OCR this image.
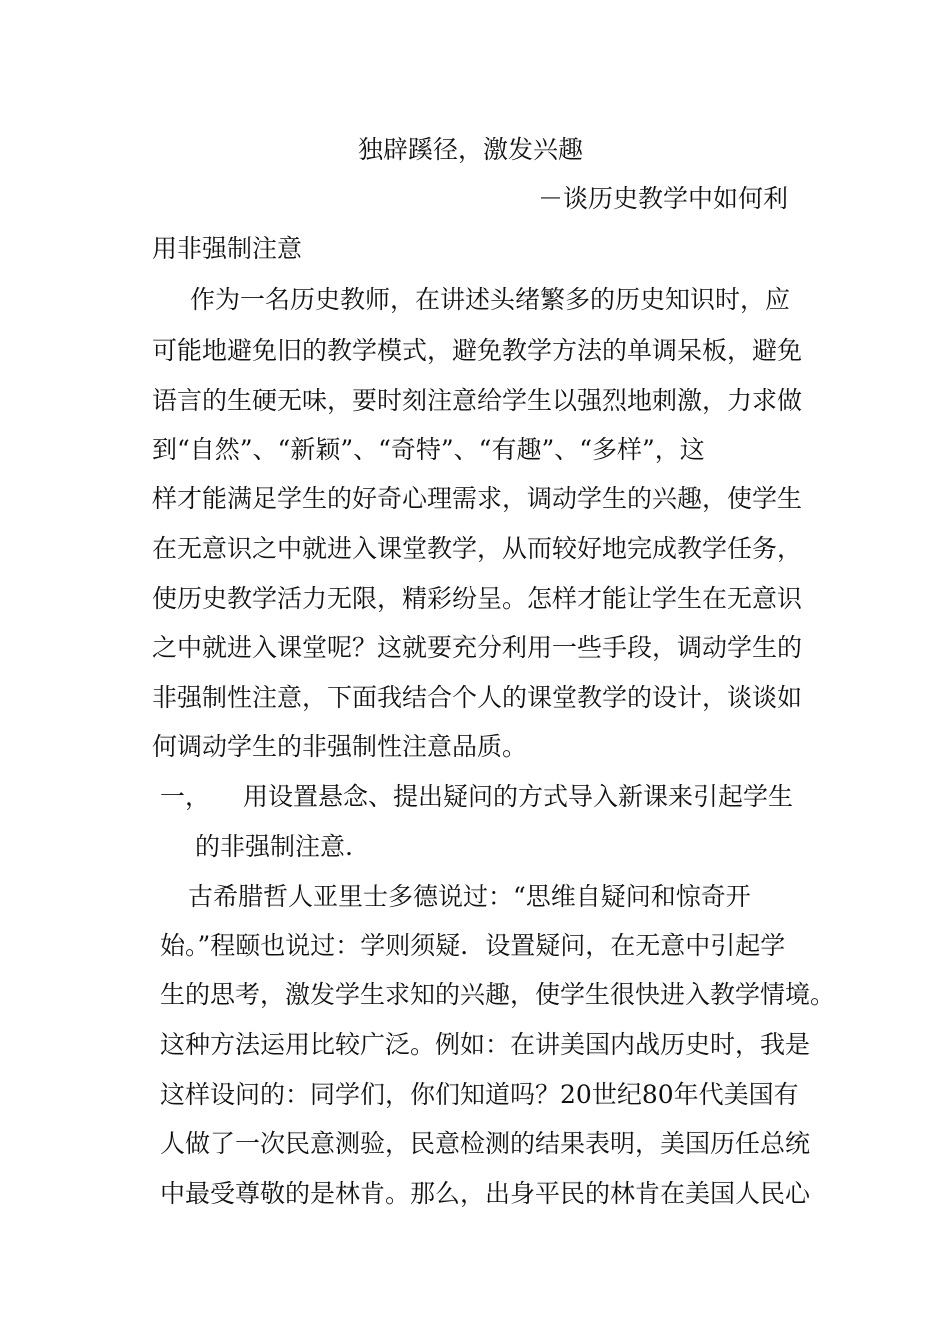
独辟蹊径，激发兴趣
－谈历史教学中如何利
用非强制注意
作为一名历史教师，在讲述头绪繁多的历史知识时，应
可能地避免旧的教学模式，避免教学方法的单调呆板，避免
语言的生硬无味，要时刻注意给学生以强烈地刺激，力求做
到“自然”、“新颖”、“奇特”、“有趣”、“多样”，这
样才能满足学生的好奇心理需求，调动学生的兴趣，使学生
在无意识之中就进入课堂教学，从而较好地完成教学任务，
使历史教学活力无限，精彩纷呈。怎样才能让学生在无意识
之中就进入课堂呢？这就要充分利用一些手段，调动学生的
非强制性注意，下面我结合个人的课堂教学的设计，谈谈如
何调动学生的非强制性注意品质。
一， 用设置悬念、提出疑问的方式导入新课来引起学生
的非强制注意.
古希腊哲人亚里士多德说过：“思维自疑问和惊奇开
始。”程颐也说过：学则须疑．设置疑问，在无意中引起学
生的思考，激发学生求知的兴趣，使学生很快进入教学情境。
这种方法运用比较广泛。例如：在讲美国内战历史时，我是
这样设问的：同学们，你们知道吗？20世纪80年代美国有
人做了一次民意测验，民意检测的结果表明，美国历任总统
中最受尊敬的是林肯。那么，出身平民的林肯在美国人民心
